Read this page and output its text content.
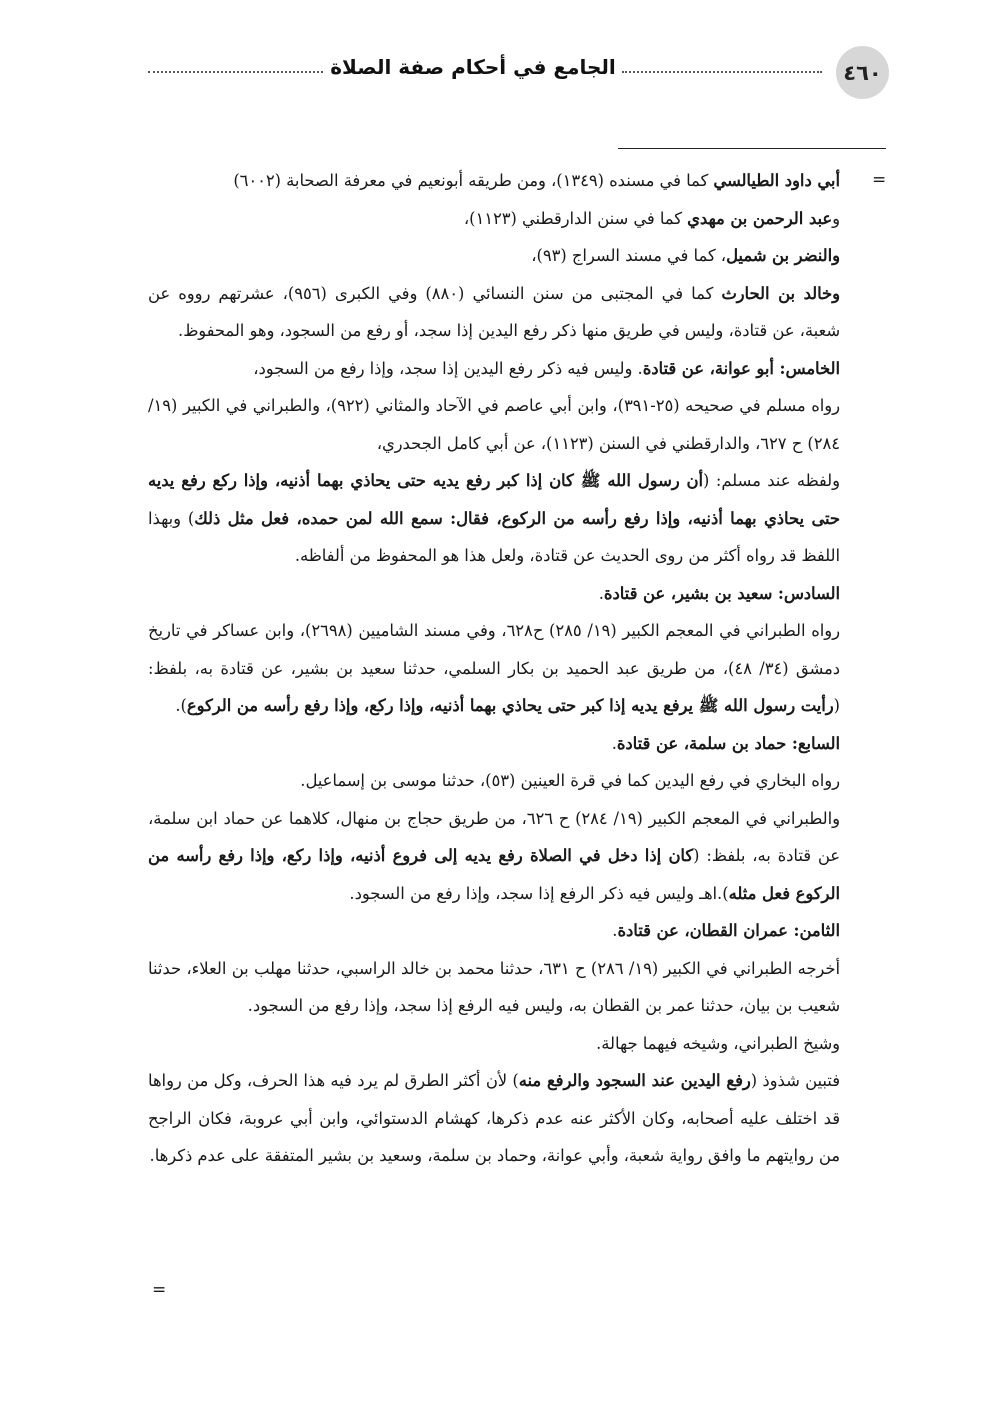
٤٦٠
الجامع في أحكام صفة الصلاة
=

أبي داود الطيالسي كما في مسنده (١٣٤٩)، ومن طريقه أبونعيم في معرفة الصحابة (٦٠٠٢)

وعبد الرحمن بن مهدي كما في سنن الدارقطني (١١٢٣)،

والنضر بن شميل، كما في مسند السراج (٩٣)،

وخالد بن الحارث كما في المجتبى من سنن النسائي (٨٨٠) وفي الكبرى (٩٥٦)، عشرتهم رووه عن شعبة، عن قتادة، وليس في طريق منها ذكر رفع اليدين إذا سجد، أو رفع من السجود، وهو المحفوظ.

الخامس: أبو عوانة، عن قتادة. وليس فيه ذكر رفع اليدين إذا سجد، وإذا رفع من السجود،

رواه مسلم في صحيحه (٢٥-٣٩١)، وابن أبي عاصم في الآحاد والمثاني (٩٢٢)، والطبراني في الكبير (١٩/ ٢٨٤) ح ٦٢٧، والدارقطني في السنن (١١٢٣)، عن أبي كامل الجحدري،

ولفظه عند مسلم: (أن رسول الله ﷺ كان إذا كبر رفع يديه حتى يحاذي بهما أذنيه، وإذا ركع رفع يديه حتى يحاذي بهما أذنيه، وإذا رفع رأسه من الركوع، فقال: سمع الله لمن حمده، فعل مثل ذلك) وبهذا اللفظ قد رواه أكثر من روى الحديث عن قتادة، ولعل هذا هو المحفوظ من ألفاظه.

السادس: سعيد بن بشير، عن قتادة.

رواه الطبراني في المعجم الكبير (١٩/ ٢٨٥) ح٦٢٨، وفي مسند الشاميين (٢٦٩٨)، وابن عساكر في تاريخ دمشق (٣٤/ ٤٨)، من طريق عبد الحميد بن بكار السلمي، حدثنا سعيد بن بشير، عن قتادة به، بلفظ: (رأيت رسول الله ﷺ يرفع يديه إذا كبر حتى يحاذي بهما أذنيه، وإذا ركع، وإذا رفع رأسه من الركوع).

السابع: حماد بن سلمة، عن قتادة.

رواه البخاري في رفع اليدين كما في قرة العينين (٥٣)، حدثنا موسى بن إسماعيل.

والطبراني في المعجم الكبير (١٩/ ٢٨٤) ح ٦٢٦، من طريق حجاج بن منهال، كلاهما عن حماد ابن سلمة، عن قتادة به، بلفظ: (كان إذا دخل في الصلاة رفع يديه إلى فروع أذنيه، وإذا ركع، وإذا رفع رأسه من الركوع فعل مثله).اهـ وليس فيه ذكر الرفع إذا سجد، وإذا رفع من السجود.

الثامن: عمران القطان، عن قتادة.

أخرجه الطبراني في الكبير (١٩/ ٢٨٦) ح ٦٣١، حدثنا محمد بن خالد الراسبي، حدثنا مهلب بن العلاء، حدثنا شعيب بن بيان، حدثنا عمر بن القطان به، وليس فيه الرفع إذا سجد، وإذا رفع من السجود.

وشيخ الطبراني، وشيخه فيهما جهالة.

فتبين شذوذ (رفع اليدين عند السجود والرفع منه) لأن أكثر الطرق لم يرد فيه هذا الحرف، وكل من رواها قد اختلف عليه أصحابه، وكان الأكثر عنه عدم ذكرها، كهشام الدستوائي، وابن أبي عروبة، فكان الراجح من روايتهم ما وافق رواية شعبة، وأبي عوانة، وحماد بن سلمة، وسعيد بن بشير المتفقة على عدم ذكرها.

=
